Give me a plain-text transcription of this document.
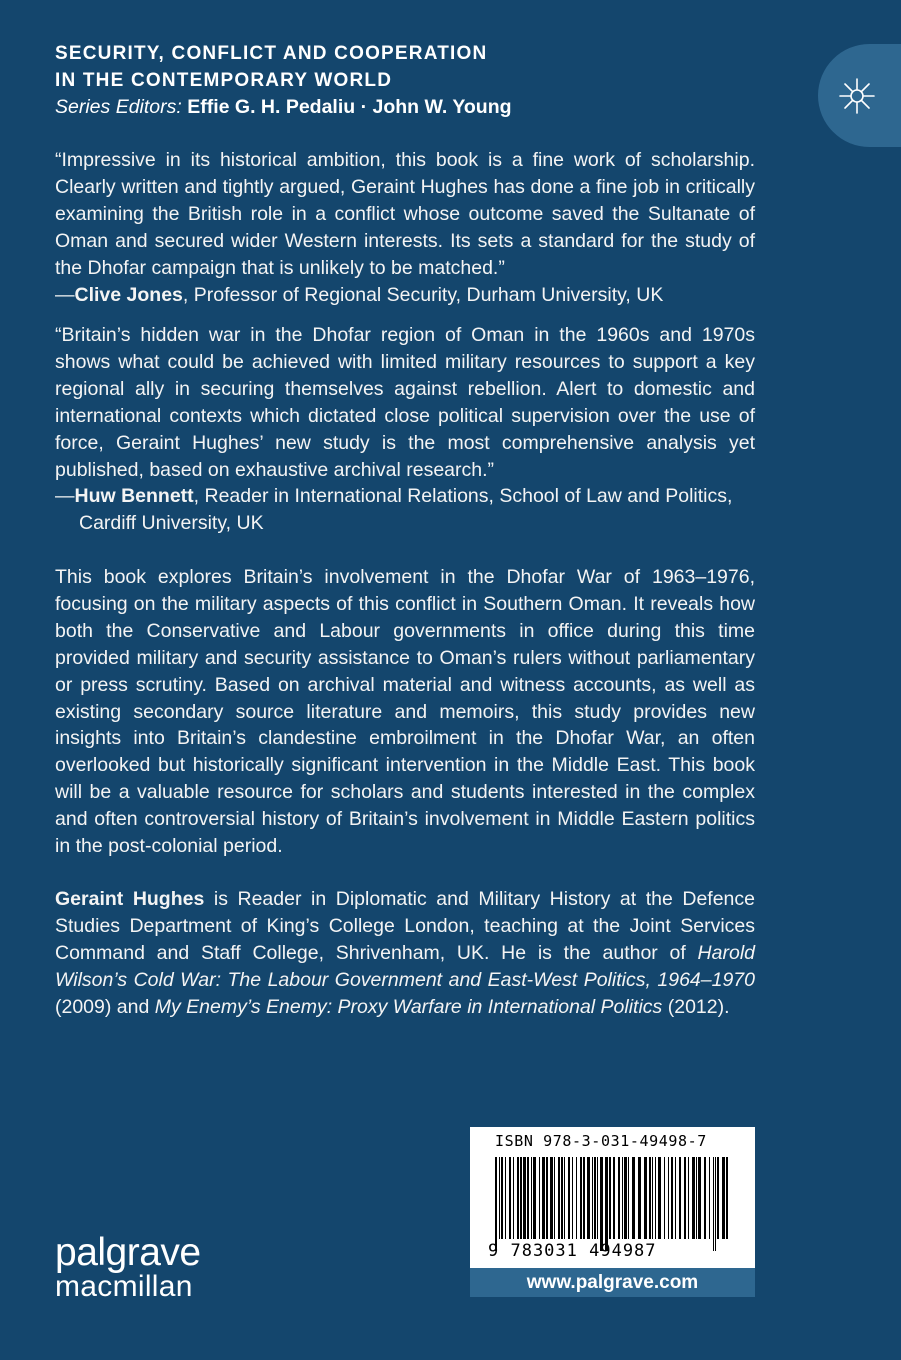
SECURITY, CONFLICT AND COOPERATION
IN THE CONTEMPORARY WORLD
Series Editors: Effie G. H. Pedaliu · John W. Young

“Impressive in its historical ambition, this book is a fine work of scholarship. Clearly written and tightly argued, Geraint Hughes has done a fine job in critically examining the British role in a conflict whose outcome saved the Sultanate of Oman and secured wider Western interests. Its sets a standard for the study of the Dhofar campaign that is unlikely to be matched.”

—Clive Jones, Professor of Regional Security, Durham University, UK

“Britain’s hidden war in the Dhofar region of Oman in the 1960s and 1970s shows what could be achieved with limited military resources to support a key regional ally in securing themselves against rebellion. Alert to domestic and international contexts which dictated close political supervision over the use of force, Geraint Hughes’ new study is the most comprehensive analysis yet published, based on exhaustive archival research.”

—Huw Bennett, Reader in International Relations, School of Law and Politics, Cardiff University, UK

This book explores Britain’s involvement in the Dhofar War of 1963–1976, focusing on the military aspects of this conflict in Southern Oman. It reveals how both the Conservative and Labour governments in office during this time provided military and security assistance to Oman’s rulers without parliamentary or press scrutiny. Based on archival material and witness accounts, as well as existing secondary source literature and memoirs, this study provides new insights into Britain’s clandestine embroilment in the Dhofar War, an often overlooked but historically significant intervention in the Middle East. This book will be a valuable resource for scholars and students interested in the complex and often controversial history of Britain’s involvement in Middle Eastern politics in the post-colonial period.

Geraint Hughes is Reader in Diplomatic and Military History at the Defence Studies Department of King’s College London, teaching at the Joint Services Command and Staff College, Shrivenham, UK. He is the author of Harold Wilson’s Cold War: The Labour Government and East-West Politics, 1964–1970 (2009) and My Enemy’s Enemy: Proxy Warfare in International Politics (2012).

palgrave
macmillan
ISBN 978-3-031-49498-7
9 783031 494987
www.palgrave.com
